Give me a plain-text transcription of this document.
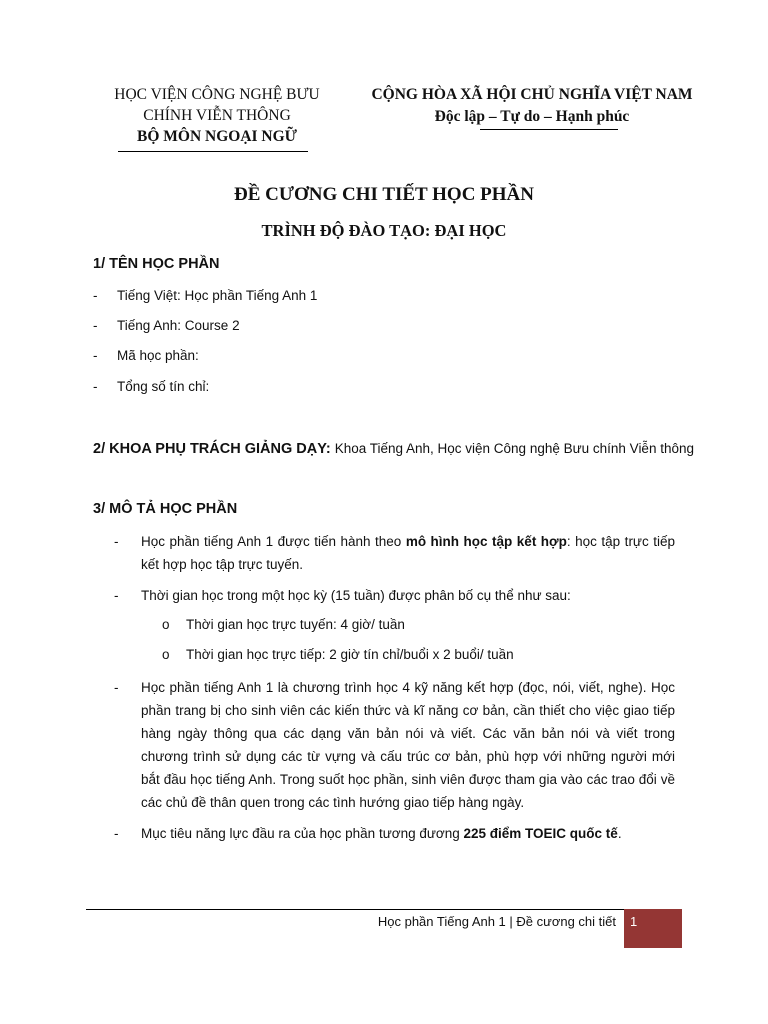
HỌC VIỆN CÔNG NGHỆ BƯU
CHÍNH VIỄN THÔNG
BỘ MÔN NGOẠI NGỮ
CỘNG HÒA XÃ HỘI CHỦ NGHĨA VIỆT NAM
Độc lập – Tự do – Hạnh phúc
ĐỀ CƯƠNG CHI TIẾT HỌC PHẦN
TRÌNH ĐỘ ĐÀO TẠO: ĐẠI HỌC
1/ TÊN HỌC PHẦN
- Tiếng Việt: Học phần Tiếng Anh 1
- Tiếng Anh: Course 2
- Mã học phần:
- Tổng số tín chỉ:
2/ KHOA PHỤ TRÁCH GIẢNG DẠY: Khoa Tiếng Anh, Học viện Công nghệ Bưu chính Viễn thông
3/ MÔ TẢ HỌC PHẦN
- Học phần tiếng Anh 1 được tiến hành theo mô hình học tập kết hợp: học tập trực tiếp kết hợp học tập trực tuyến.
- Thời gian học trong một học kỳ (15 tuần) được phân bố cụ thể như sau:
o Thời gian học trực tuyến: 4 giờ/ tuần
o Thời gian học trực tiếp: 2 giờ tín chỉ/buổi x 2 buổi/ tuần
- Học phần tiếng Anh 1 là chương trình học 4 kỹ năng kết hợp (đọc, nói, viết, nghe). Học phần trang bị cho sinh viên các kiến thức và kĩ năng cơ bản, cần thiết cho việc giao tiếp hàng ngày thông qua các dạng văn bản nói và viết. Các văn bản nói và viết trong chương trình sử dụng các từ vựng và cấu trúc cơ bản, phù hợp với những người mới bắt đầu học tiếng Anh. Trong suốt học phần, sinh viên được tham gia vào các trao đổi về các chủ đề thân quen trong các tình hướng giao tiếp hàng ngày.
- Mục tiêu năng lực đầu ra của học phần tương đương 225 điểm TOEIC quốc tế.
Học phần Tiếng Anh 1 | Đề cương chi tiết 1
